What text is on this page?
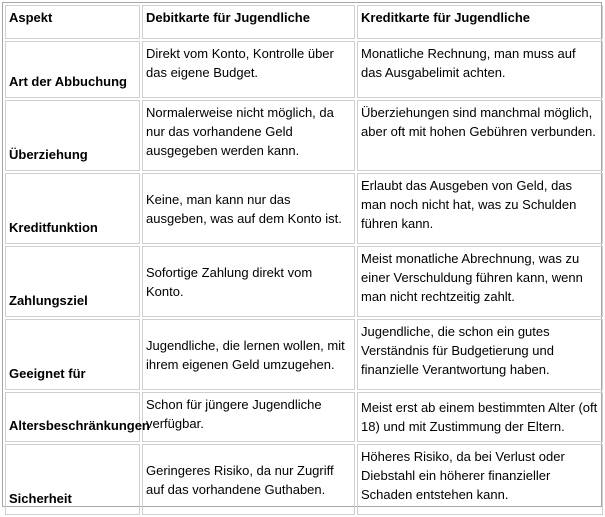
Aspekt	Debitkarte für Jugendliche	Kreditkarte für Jugendliche
Art der Abbuchung	Direkt vom Konto, Kontrolle über das eigene Budget.	Monatliche Rechnung, man muss auf das Ausgabelimit achten.
Überziehung	Normalerweise nicht möglich, da nur das vorhandene Geld ausgegeben werden kann.	Überziehungen sind manchmal möglich, aber oft mit hohen Gebühren verbunden.
Kreditfunktion	Keine, man kann nur das ausgeben, was auf dem Konto ist.	Erlaubt das Ausgeben von Geld, das man noch nicht hat, was zu Schulden führen kann.
Zahlungsziel	Sofortige Zahlung direkt vom Konto.	Meist monatliche Abrechnung, was zu einer Verschuldung führen kann, wenn man nicht rechtzeitig zahlt.
Geeignet für	Jugendliche, die lernen wollen, mit ihrem eigenen Geld umzugehen.	Jugendliche, die schon ein gutes Verständnis für Budgetierung und finanzielle Verantwortung haben.
Altersbeschränkungen	Schon für jüngere Jugendliche verfügbar.	Meist erst ab einem bestimmten Alter (oft 18) und mit Zustimmung der Eltern.
Sicherheit	Geringeres Risiko, da nur Zugriff auf das vorhandene Guthaben.	Höheres Risiko, da bei Verlust oder Diebstahl ein höherer finanzieller Schaden entstehen kann.
